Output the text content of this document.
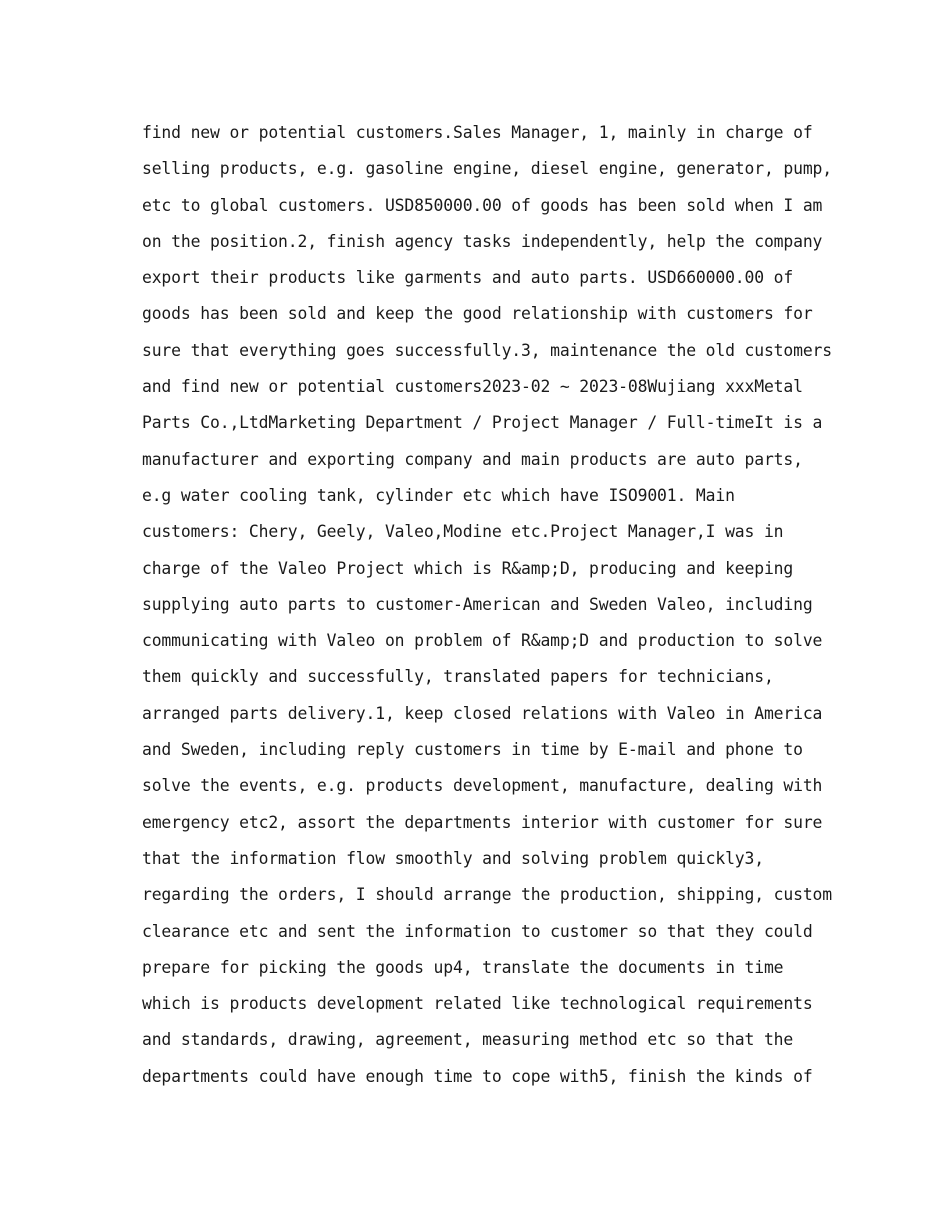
find new or potential customers.Sales Manager, 1, mainly in charge of
selling products, e.g. gasoline engine, diesel engine, generator, pump,
etc to global customers. USD850000.00 of goods has been sold when I am
on the position.2, finish agency tasks independently, help the company
export their products like garments and auto parts. USD660000.00 of
goods has been sold and keep the good relationship with customers for
sure that everything goes successfully.3, maintenance the old customers
and find new or potential customers2023-02 ~ 2023-08Wujiang xxxMetal
Parts Co.,LtdMarketing Department / Project Manager / Full-timeIt is a
manufacturer and exporting company and main products are auto parts,
e.g water cooling tank, cylinder etc which have ISO9001. Main
customers: Chery, Geely, Valeo,Modine etc.Project Manager,I was in
charge of the Valeo Project which is R&amp;D, producing and keeping
supplying auto parts to customer-American and Sweden Valeo, including
communicating with Valeo on problem of R&amp;D and production to solve
them quickly and successfully, translated papers for technicians,
arranged parts delivery.1, keep closed relations with Valeo in America
and Sweden, including reply customers in time by E-mail and phone to
solve the events, e.g. products development, manufacture, dealing with
emergency etc2, assort the departments interior with customer for sure
that the information flow smoothly and solving problem quickly3,
regarding the orders, I should arrange the production, shipping, custom
clearance etc and sent the information to customer so that they could
prepare for picking the goods up4, translate the documents in time
which is products development related like technological requirements
and standards, drawing, agreement, measuring method etc so that the
departments could have enough time to cope with5, finish the kinds of
